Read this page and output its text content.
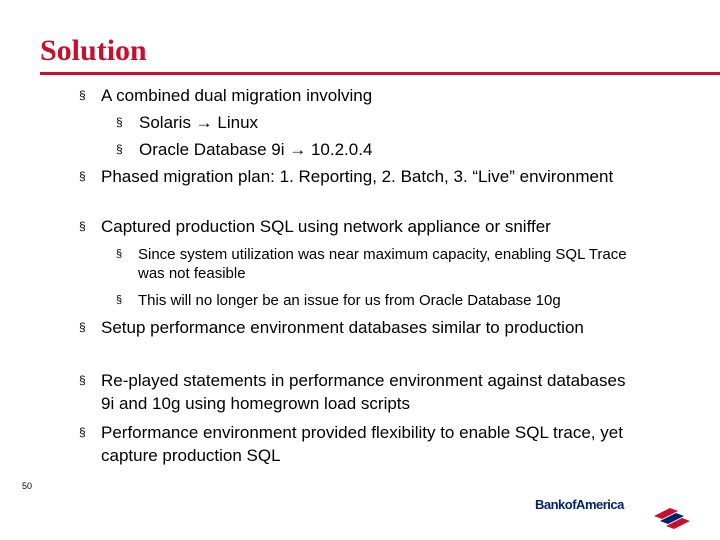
Solution
§ A combined dual migration involving
§ Solaris → Linux
§ Oracle Database 9i → 10.2.0.4
§ Phased migration plan: 1. Reporting, 2. Batch, 3. “Live” environment
§ Captured production SQL using network appliance or sniffer
§ Since system utilization was near maximum capacity, enabling SQL Trace was not feasible
§ This will no longer be an issue for us from Oracle Database 10g
§ Setup performance environment databases similar to production
§ Re-played statements in performance environment against databases 9i and 10g using homegrown load scripts
§ Performance environment provided flexibility to enable SQL trace, yet capture production SQL
50
BankofAmerica
